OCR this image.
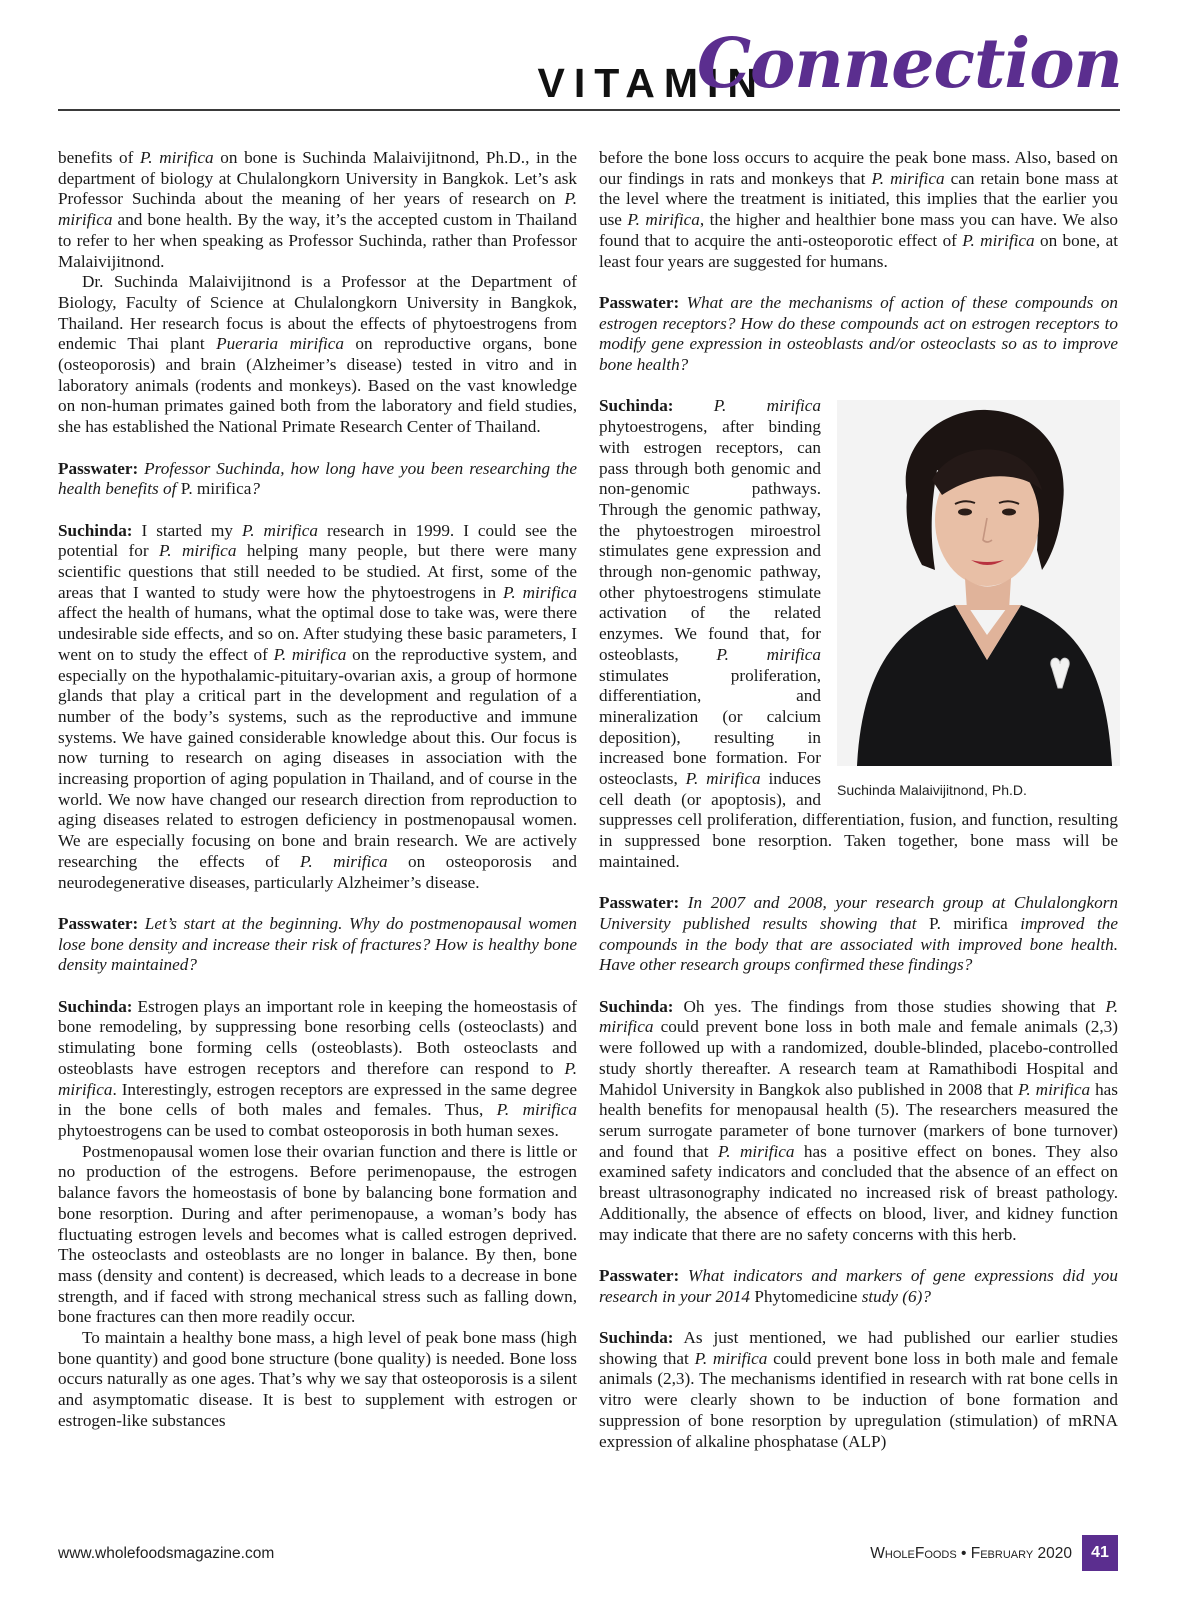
VITAMIN
Connection

benefits of P. mirifica on bone is Suchinda Malaivijitnond, Ph.D., in the department of biology at Chulalongkorn University in Bangkok. Let’s ask Professor Suchinda about the meaning of her years of research on P. mirifica and bone health. By the way, it’s the accepted custom in Thailand to refer to her when speaking as Professor Suchinda, rather than Professor Malaivijitnond.

Dr. Suchinda Malaivijitnond is a Professor at the Department of Biology, Faculty of Science at Chulalongkorn University in Bangkok, Thailand. Her research focus is about the effects of phytoestrogens from endemic Thai plant Pueraria mirifica on reproductive organs, bone (osteoporosis) and brain (Alzheimer’s disease) tested in vitro and in laboratory animals (rodents and monkeys). Based on the vast knowledge on non-human primates gained both from the laboratory and field studies, she has established the National Primate Research Center of Thailand.

Passwater: Professor Suchinda, how long have you been researching the health benefits of P. mirifica?

Suchinda: I started my P. mirifica research in 1999. I could see the potential for P. mirifica helping many people, but there were many scientific questions that still needed to be studied. At first, some of the areas that I wanted to study were how the phytoestrogens in P. mirifica affect the health of humans, what the optimal dose to take was, were there undesirable side effects, and so on. After studying these basic parameters, I went on to study the effect of P. mirifica on the reproductive system, and especially on the hypothalamic-pituitary-ovarian axis, a group of hormone glands that play a critical part in the development and regulation of a number of the body’s systems, such as the reproductive and immune systems. We have gained considerable knowledge about this. Our focus is now turning to research on aging diseases in association with the increasing proportion of aging population in Thailand, and of course in the world. We now have changed our research direction from reproduction to aging diseases related to estrogen deficiency in postmenopausal women. We are especially focusing on bone and brain research. We are actively researching the effects of P. mirifica on osteoporosis and neurodegenerative diseases, particularly Alzheimer’s disease.

Passwater: Let’s start at the beginning. Why do postmenopausal women lose bone density and increase their risk of fractures? How is healthy bone density maintained?

Suchinda: Estrogen plays an important role in keeping the homeostasis of bone remodeling, by suppressing bone resorbing cells (osteoclasts) and stimulating bone forming cells (osteoblasts). Both osteoclasts and osteoblasts have estrogen receptors and therefore can respond to P. mirifica. Interestingly, estrogen receptors are expressed in the same degree in the bone cells of both males and females. Thus, P. mirifica phytoestrogens can be used to combat osteoporosis in both human sexes.

Postmenopausal women lose their ovarian function and there is little or no production of the estrogens. Before perimenopause, the estrogen balance favors the homeostasis of bone by balancing bone formation and bone resorption. During and after perimenopause, a woman’s body has fluctuating estrogen levels and becomes what is called estrogen deprived. The osteoclasts and osteoblasts are no longer in balance. By then, bone mass (density and content) is decreased, which leads to a decrease in bone strength, and if faced with strong mechanical stress such as falling down, bone fractures can then more readily occur.

To maintain a healthy bone mass, a high level of peak bone mass (high bone quantity) and good bone structure (bone quality) is needed. Bone loss occurs naturally as one ages. That’s why we say that osteoporosis is a silent and asymptomatic disease. It is best to supplement with estrogen or estrogen-like substances

before the bone loss occurs to acquire the peak bone mass. Also, based on our findings in rats and monkeys that P. mirifica can retain bone mass at the level where the treatment is initiated, this implies that the earlier you use P. mirifica, the higher and healthier bone mass you can have. We also found that to acquire the anti-osteoporotic effect of P. mirifica on bone, at least four years are suggested for humans.

Passwater: What are the mechanisms of action of these compounds on estrogen receptors? How do these compounds act on estrogen receptors to modify gene expression in osteoblasts and/or osteoclasts so as to improve bone health?

Suchinda Malaivijitnond, Ph.D.

Suchinda: P. mirifica phytoestrogens, after binding with estrogen receptors, can pass through both genomic and non-genomic pathways. Through the genomic pathway, the phytoestrogen miroestrol stimulates gene expression and through non-genomic pathway, other phytoestrogens stimulate activation of the related enzymes. We found that, for osteoblasts, P. mirifica stimulates proliferation, differentiation, and mineralization (or calcium deposition), resulting in increased bone formation. For osteoclasts, P. mirifica induces cell death (or apoptosis), and suppresses cell proliferation, differentiation, fusion, and function, resulting in suppressed bone resorption. Taken together, bone mass will be maintained.

Passwater: In 2007 and 2008, your research group at Chulalongkorn University published results showing that P. mirifica improved the compounds in the body that are associated with improved bone health. Have other research groups confirmed these findings?

Suchinda: Oh yes. The findings from those studies showing that P. mirifica could prevent bone loss in both male and female animals (2,3) were followed up with a randomized, double-blinded, placebo-controlled study shortly thereafter. A research team at Ramathibodi Hospital and Mahidol University in Bangkok also published in 2008 that P. mirifica has health benefits for menopausal health (5). The researchers measured the serum surrogate parameter of bone turnover (markers of bone turnover) and found that P. mirifica has a positive effect on bones. They also examined safety indicators and concluded that the absence of an effect on breast ultrasonography indicated no increased risk of breast pathology. Additionally, the absence of effects on blood, liver, and kidney function may indicate that there are no safety concerns with this herb.

Passwater: What indicators and markers of gene expressions did you research in your 2014 Phytomedicine study (6)?

Suchinda: As just mentioned, we had published our earlier studies showing that P. mirifica could prevent bone loss in both male and female animals (2,3). The mechanisms identified in research with rat bone cells in vitro were clearly shown to be induction of bone formation and suppression of bone resorption by upregulation (stimulation) of mRNA expression of alkaline phosphatase (ALP)

www.wholefoodsmagazine.com	WholeFoods • February 2020	41
